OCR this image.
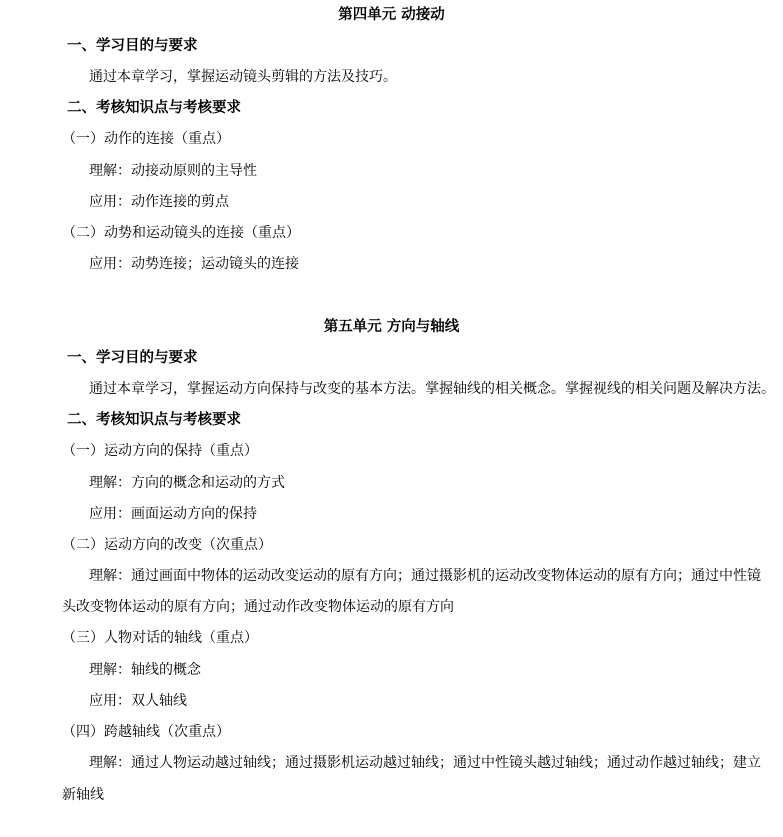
第四单元 动接动
一、学习目的与要求
通过本章学习，掌握运动镜头剪辑的方法及技巧。
二、考核知识点与考核要求
（一）动作的连接（重点）
理解：动接动原则的主导性
应用：动作连接的剪点
（二）动势和运动镜头的连接（重点）
应用：动势连接；运动镜头的连接
第五单元 方向与轴线
一、学习目的与要求
通过本章学习，掌握运动方向保持与改变的基本方法。掌握轴线的相关概念。掌握视线的相关问题及解决方法。
二、考核知识点与考核要求
（一）运动方向的保持（重点）
理解：方向的概念和运动的方式
应用：画面运动方向的保持
（二）运动方向的改变（次重点）
理解：通过画面中物体的运动改变运动的原有方向；通过摄影机的运动改变物体运动的原有方向；通过中性镜
头改变物体运动的原有方向；通过动作改变物体运动的原有方向
（三）人物对话的轴线（重点）
理解：轴线的概念
应用：双人轴线
（四）跨越轴线（次重点）
理解：通过人物运动越过轴线；通过摄影机运动越过轴线；通过中性镜头越过轴线；通过动作越过轴线；建立
新轴线
